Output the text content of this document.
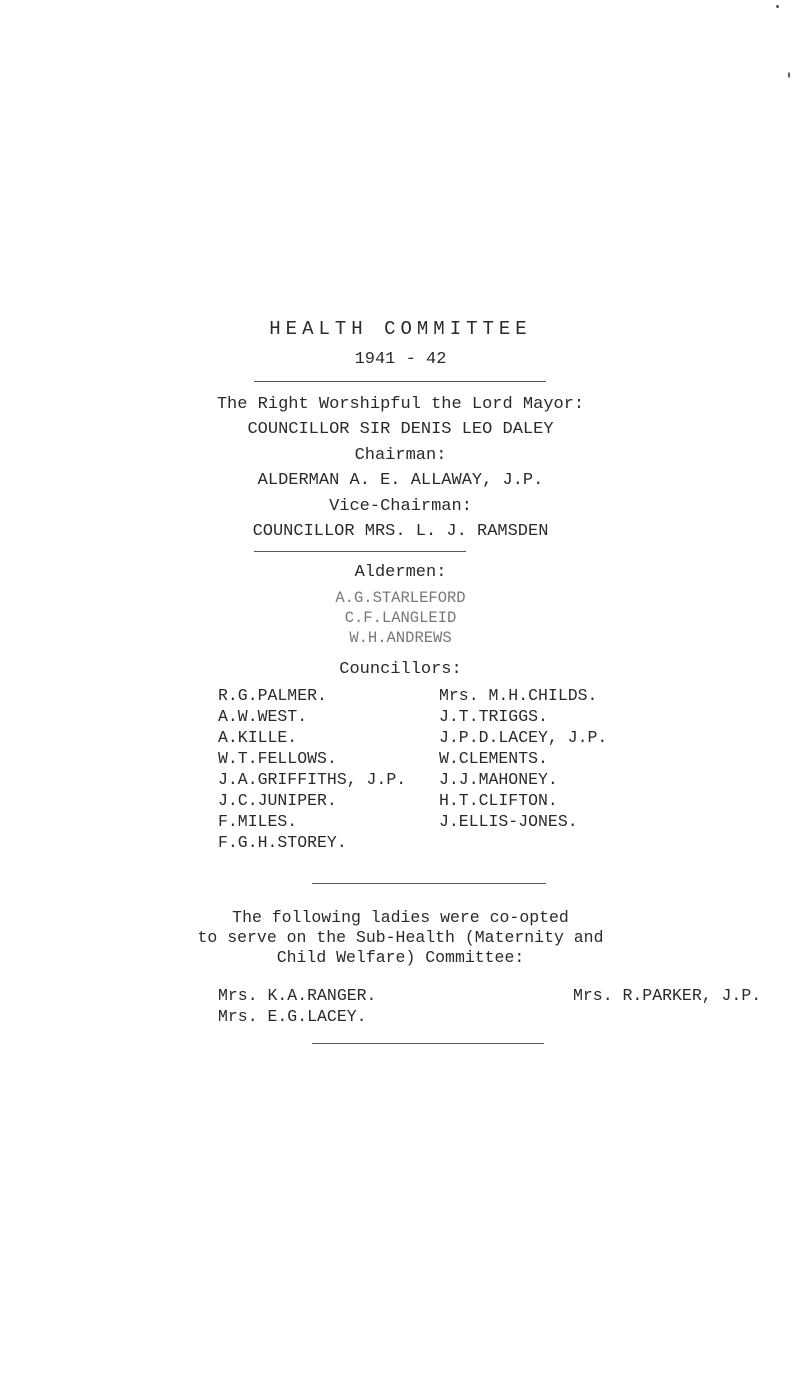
HEALTH COMMITTEE
1941 - 42
The Right Worshipful the Lord Mayor:
COUNCILLOR SIR DENIS LEO DALEY
Chairman:
ALDERMAN A. E. ALLAWAY, J.P.
Vice-Chairman:
COUNCILLOR MRS. L. J. RAMSDEN
Aldermen:
A.G.STARLEFORD
C.F.LANGLEID
W.H.ANDREWS
Councillors:
R.G.PALMER.
A.W.WEST.
A.KILLE.
W.T.FELLOWS.
J.A.GRIFFITHS, J.P.
J.C.JUNIPER.
F.MILES.
F.G.H.STOREY.
Mrs. M.H.CHILDS.
J.T.TRIGGS.
J.P.D.LACEY, J.P.
W.CLEMENTS.
J.J.MAHONEY.
H.T.CLIFTON.
J.ELLIS-JONES.
The following ladies were co-opted
to serve on the Sub-Health (Maternity and
Child Welfare) Committee:
Mrs. K.A.RANGER.
Mrs. E.G.LACEY.
Mrs. R.PARKER, J.P.
